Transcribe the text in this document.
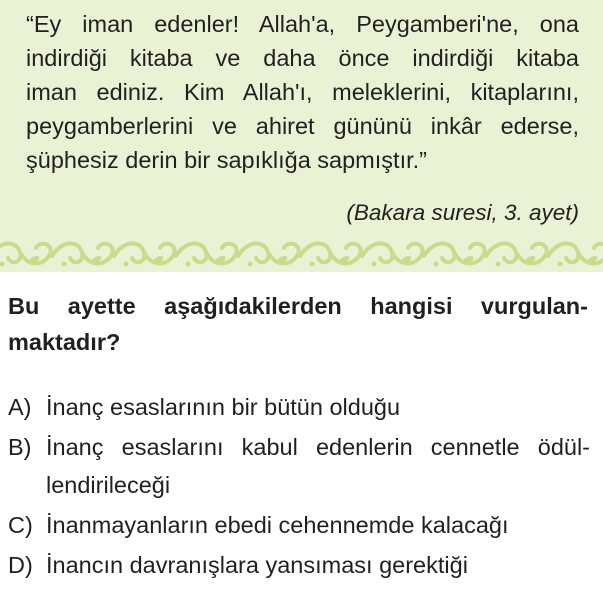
“Ey iman edenler! Allah'a, Peygamberi'ne, ona
indirdiği kitaba ve daha önce indirdiği kitaba
iman ediniz. Kim Allah'ı, meleklerini, kitaplarını,
peygamberlerini ve ahiret gününü inkâr ederse,
şüphesiz derin bir sapıklığa sapmıştır.”
(Bakara suresi, 3. ayet)
Bu ayette aşağıdakilerden hangisi vurgulan-
maktadır?
A) İnanç esaslarının bir bütün olduğu
B) İnanç esaslarını kabul edenlerin cennetle ödül-
lendirileceği
C) İnanmayanların ebedi cehennemde kalacağı
D) İnancın davranışlara yansıması gerektiği
